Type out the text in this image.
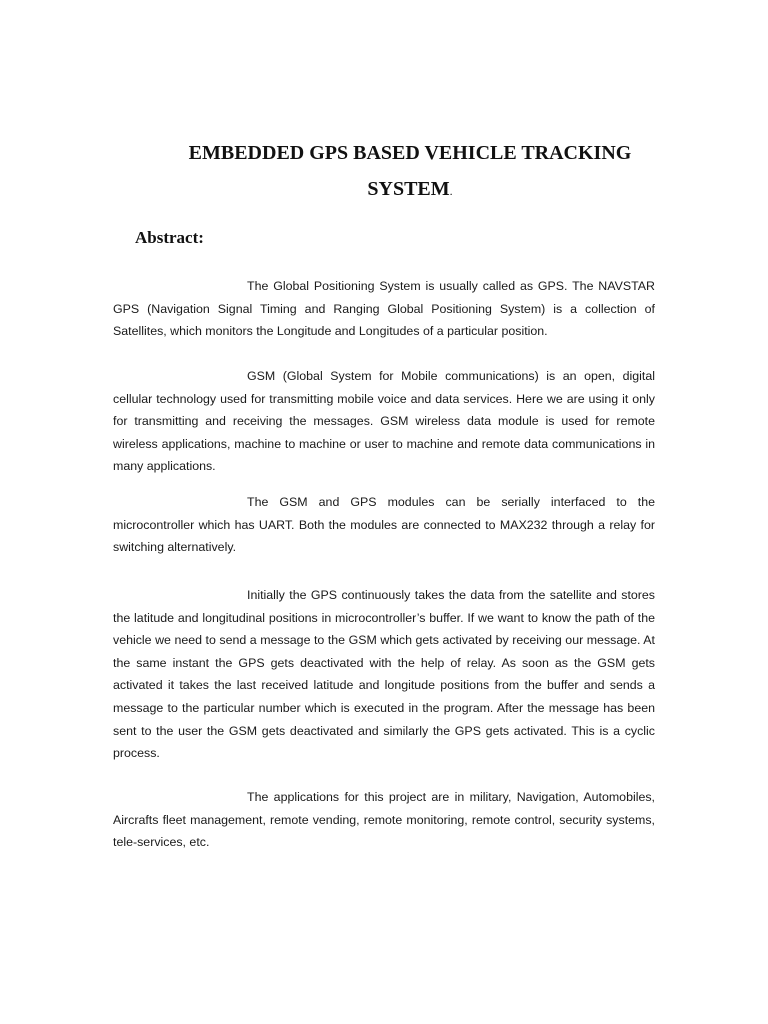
EMBEDDED GPS BASED VEHICLE TRACKING
SYSTEM.
Abstract:

The Global Positioning System is usually called as GPS. The NAVSTAR GPS (Navigation Signal Timing and Ranging Global Positioning System) is a collection of Satellites, which monitors the Longitude and Longitudes of a particular position.

GSM (Global System for Mobile communications) is an open, digital cellular technology used for transmitting mobile voice and data services. Here we are using it only for transmitting and receiving the messages. GSM wireless data module is used for remote wireless applications, machine to machine or user to machine and remote data communications in many applications.

The GSM and GPS modules can be serially interfaced to the microcontroller which has UART. Both the modules are connected to MAX232 through a relay for switching alternatively.

Initially the GPS continuously takes the data from the satellite and stores the latitude and longitudinal positions in microcontroller’s buffer. If we want to know the path of the vehicle we need to send a message to the GSM which gets activated by receiving our message. At the same instant the GPS gets deactivated with the help of relay. As soon as the GSM gets activated it takes the last received latitude and longitude positions from the buffer and sends a message to the particular number which is executed in the program. After the message has been sent to the user the GSM gets deactivated and similarly the GPS gets activated. This is a cyclic process.

The applications for this project are in military, Navigation, Automobiles, Aircrafts fleet management, remote vending, remote monitoring, remote control, security systems, tele-services, etc.
